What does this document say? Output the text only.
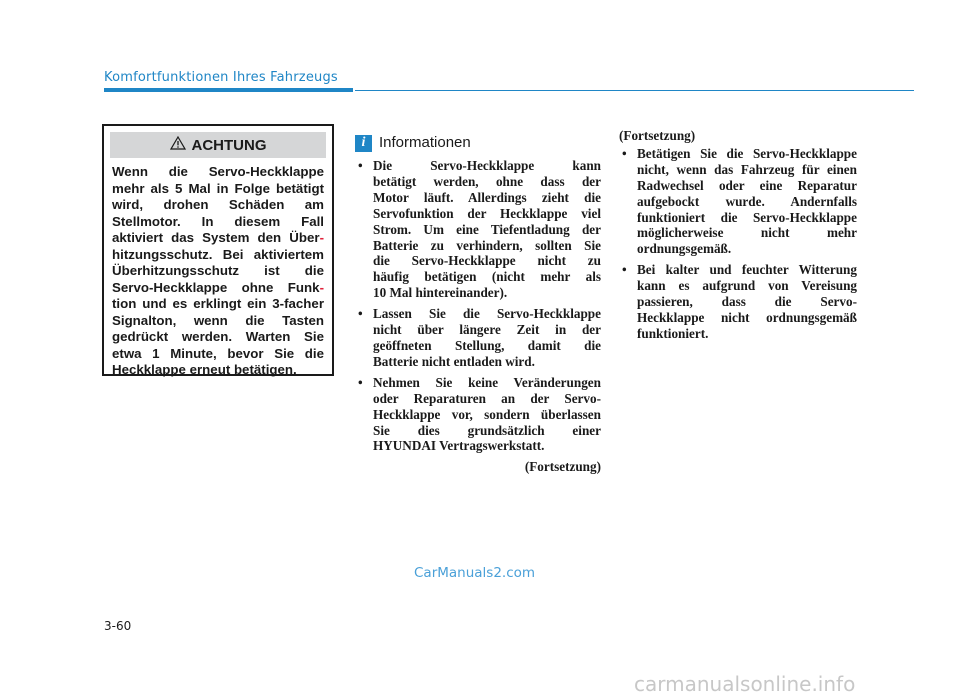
Komfortfunktionen Ihres Fahrzeugs
ACHTUNG
Wenn die Servo-Heckklappe
mehr als 5 Mal in Folge betätigt
wird, drohen Schäden am
Stellmotor. In diesem Fall
aktiviert das System den Über-
hitzungsschutz. Bei aktiviertem
Überhitzungsschutz ist die
Servo-Heckklappe ohne Funk-
tion und es erklingt ein 3-facher
Signalton, wenn die Tasten
gedrückt werden. Warten Sie
etwa 1 Minute, bevor Sie die
Heckklappe erneut betätigen.
i Informationen
• Die Servo-Heckklappe kann
betätigt werden, ohne dass der
Motor läuft. Allerdings zieht die
Servofunktion der Heckklappe viel
Strom. Um eine Tiefentladung der
Batterie zu verhindern, sollten Sie
die Servo-Heckklappe nicht zu
häufig betätigen (nicht mehr als
10 Mal hintereinander).
• Lassen Sie die Servo-Heckklappe
nicht über längere Zeit in der
geöffneten Stellung, damit die
Batterie nicht entladen wird.
• Nehmen Sie keine Veränderungen
oder Reparaturen an der Servo-
Heckklappe vor, sondern überlassen
Sie dies grundsätzlich einer
HYUNDAI Vertragswerkstatt.
(Fortsetzung)
(Fortsetzung)
• Betätigen Sie die Servo-Heckklappe
nicht, wenn das Fahrzeug für einen
Radwechsel oder eine Reparatur
aufgebockt wurde. Andernfalls
funktioniert die Servo-Heckklappe
möglicherweise nicht mehr
ordnungsgemäß.
• Bei kalter und feuchter Witterung
kann es aufgrund von Vereisung
passieren, dass die Servo-
Heckklappe nicht ordnungsgemäß
funktioniert.
CarManuals2.com
3-60
carmanualsonline.info
